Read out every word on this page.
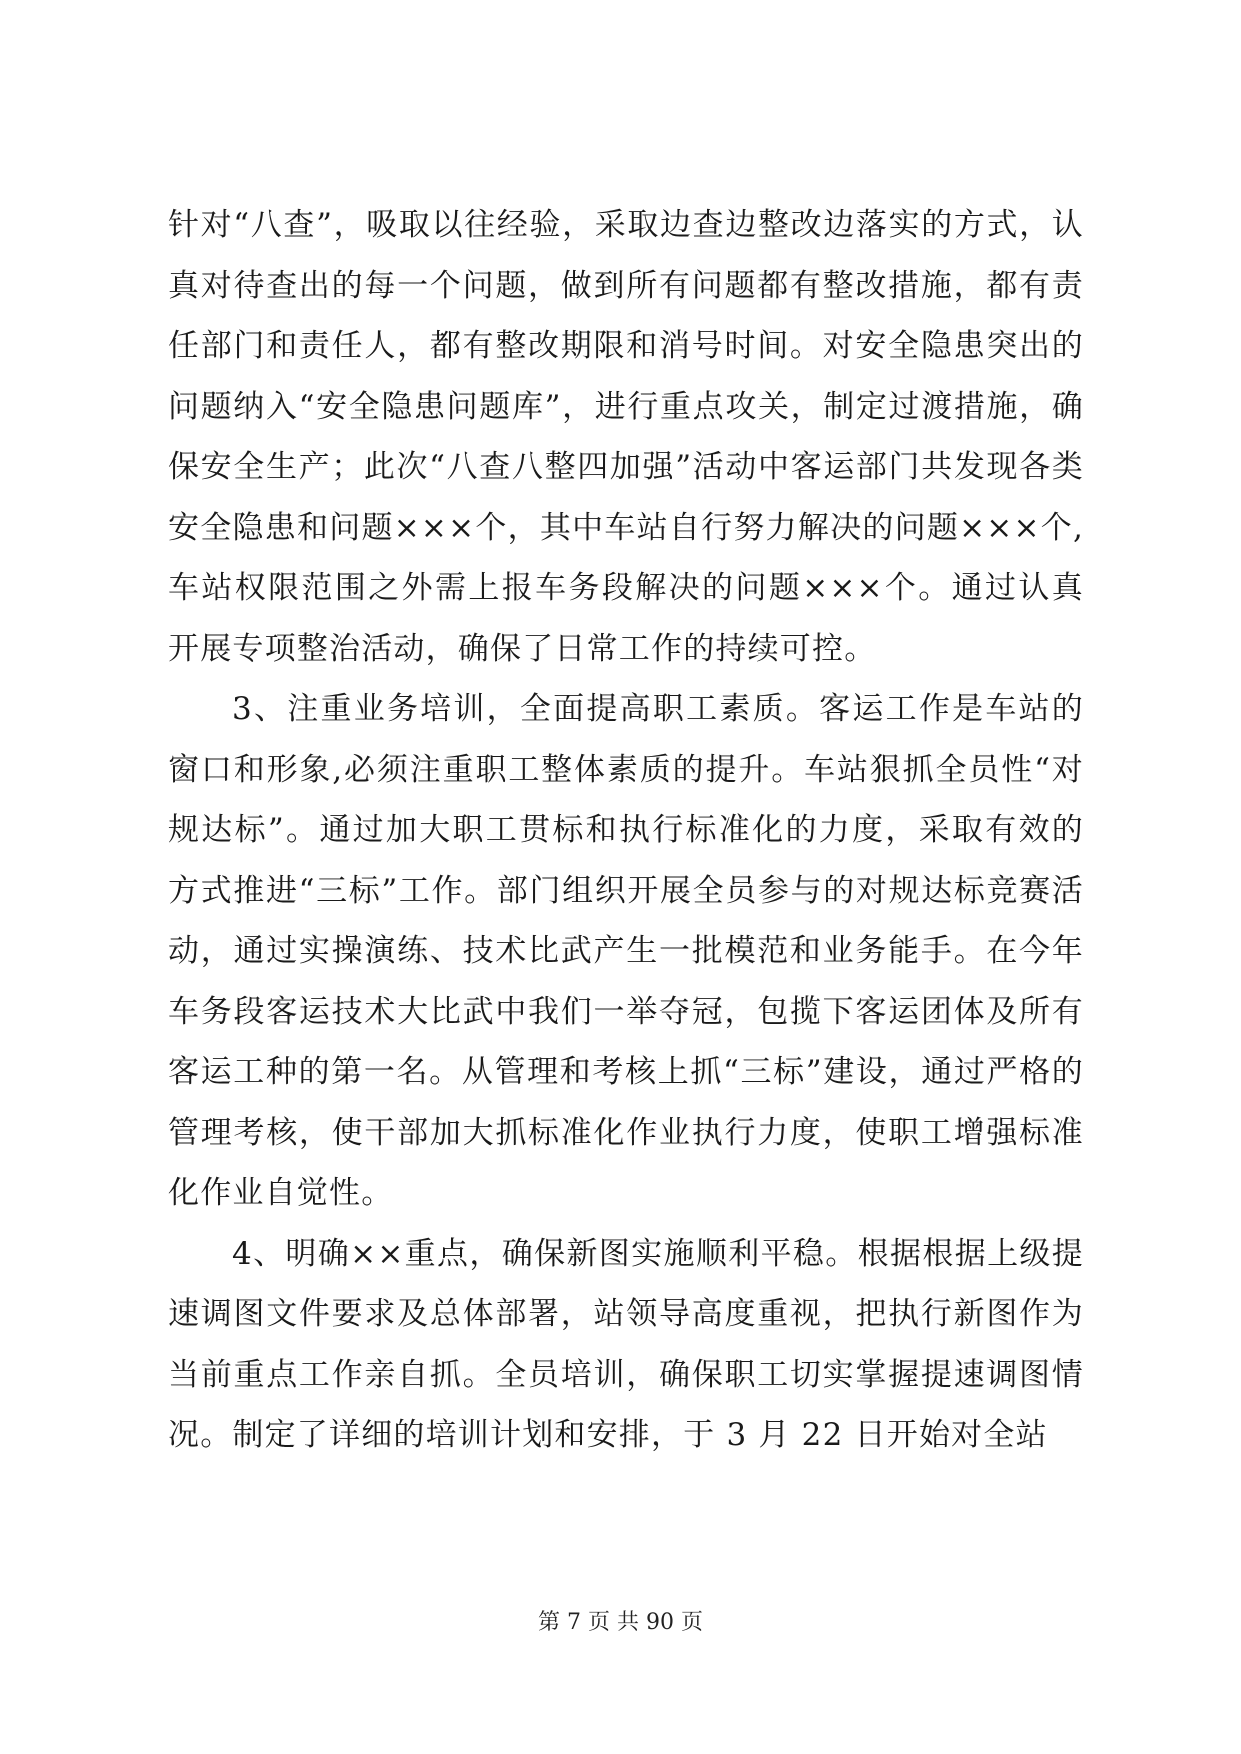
针对“八查”，吸取以往经验，采取边查边整改边落实的方式，认真对待查出的每一个问题，做到所有问题都有整改措施，都有责任部门和责任人，都有整改期限和消号时间。对安全隐患突出的问题纳入“安全隐患问题库”，进行重点攻关，制定过渡措施，确保安全生产；此次“八查八整四加强”活动中客运部门共发现各类安全隐患和问题×××个，其中车站自行努力解决的问题×××个,车站权限范围之外需上报车务段解决的问题×××个。通过认真开展专项整治活动，确保了日常工作的持续可控。

3、注重业务培训，全面提高职工素质。客运工作是车站的窗口和形象,必须注重职工整体素质的提升。车站狠抓全员性“对规达标”。通过加大职工贯标和执行标准化的力度，采取有效的方式推进“三标”工作。部门组织开展全员参与的对规达标竞赛活动，通过实操演练、技术比武产生一批模范和业务能手。在今年车务段客运技术大比武中我们一举夺冠，包揽下客运团体及所有客运工种的第一名。从管理和考核上抓“三标”建设，通过严格的管理考核，使干部加大抓标准化作业执行力度，使职工增强标准化作业自觉性。

4、明确××重点，确保新图实施顺利平稳。根据根据上级提速调图文件要求及总体部署，站领导高度重视，把执行新图作为当前重点工作亲自抓。全员培训，确保职工切实掌握提速调图情况。制定了详细的培训计划和安排，于 3 月 22 日开始对全站

第 7 页 共 90 页
